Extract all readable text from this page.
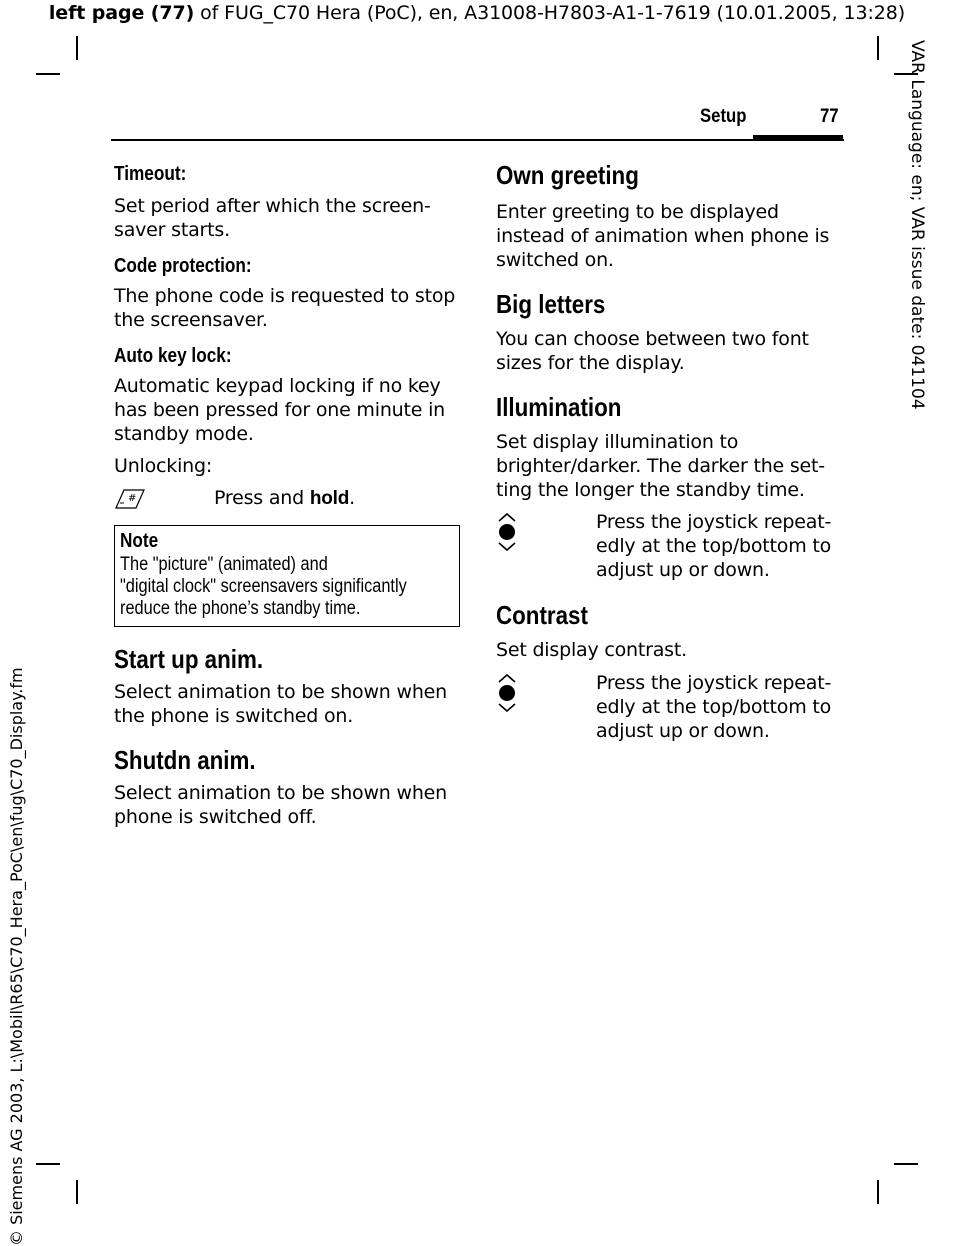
left page (77) of FUG_C70 Hera (PoC), en, A31008-H7803-A1-1-7619 (10.01.2005, 13:28)
VAR Language: en; VAR issue date: 041104
© Siemens AG 2003, L:\Mobil\R65\C70_Hera_PoC\en\fug\C70_Display.fm
Setup	77

Timeout:

Set period after which the screen-saver starts.

Code protection:

The phone code is requested to stop the screensaver.

Auto key lock:

Automatic keypad locking if no key has been pressed for one minute in standby mode.

Unlocking:

#	Press and hold.
Note
The "picture" (animated) and
"digital clock" screensavers significantly
reduce the phone’s standby time.

Start up anim.

Select animation to be shown when the phone is switched on.

Shutdn anim.

Select animation to be shown when phone is switched off.

Own greeting

Enter greeting to be displayed instead of animation when phone is switched on.

Big letters

You can choose between two font sizes for the display.

Illumination

Set display illumination to brighter/darker. The darker the set-ting the longer the standby time.

Press the joystick repeat-edly at the top/bottom to adjust up or down.

Contrast

Set display contrast.

Press the joystick repeat-edly at the top/bottom to adjust up or down.
